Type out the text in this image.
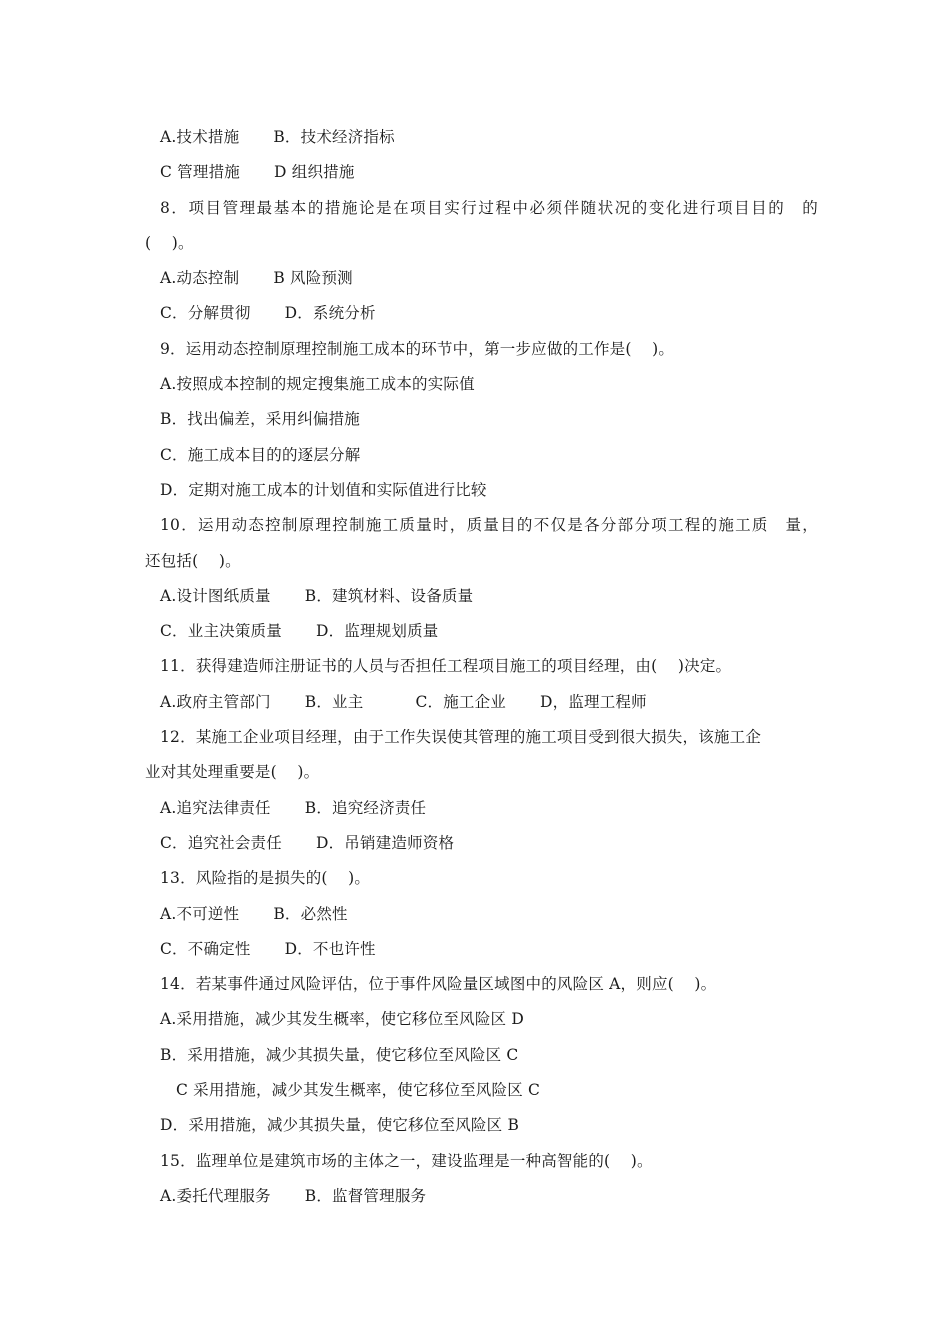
A.技术措施 B．技术经济指标
C 管理措施 D 组织措施
8．项目管理最基本的措施论是在项目实行过程中必须伴随状况的变化进行项目目的　的
(    )。
A.动态控制 B 风险预测
C．分解贯彻 D．系统分析
9．运用动态控制原理控制施工成本的环节中，第一步应做的工作是(    )。
A.按照成本控制的规定搜集施工成本的实际值
B．找出偏差，采用纠偏措施
C．施工成本目的的逐层分解
D．定期对施工成本的计划值和实际值进行比较
10．运用动态控制原理控制施工质量时，质量目的不仅是各分部分项工程的施工质　量，
还包括(    )。
A.设计图纸质量 B．建筑材料、设备质量
C．业主决策质量 D．监理规划质量
11．获得建造师注册证书的人员与否担任工程项目施工的项目经理，由(    )决定。
A.政府主管部门 B．业主	C．施工企业 D，监理工程师
12．某施工企业项目经理，由于工作失误使其管理的施工项目受到很大损失，该施工企
业对其处理重要是(    )。
A.追究法律责任 B．追究经济责任
C．追究社会责任 D．吊销建造师资格
13．风险指的是损失的(    )。
A.不可逆性 B．必然性
C．不确定性 D．不也许性
14．若某事件通过风险评估，位于事件风险量区域图中的风险区 A，则应(    )。
A.采用措施，减少其发生概率，使它移位至风险区 D
B．采用措施，减少其损失量，使它移位至风险区 C
C 采用措施，减少其发生概率，使它移位至风险区 C
D．采用措施，减少其损失量，使它移位至风险区 B
15．监理单位是建筑市场的主体之一，建设监理是一种高智能的(    )。
A.委托代理服务 B．监督管理服务
